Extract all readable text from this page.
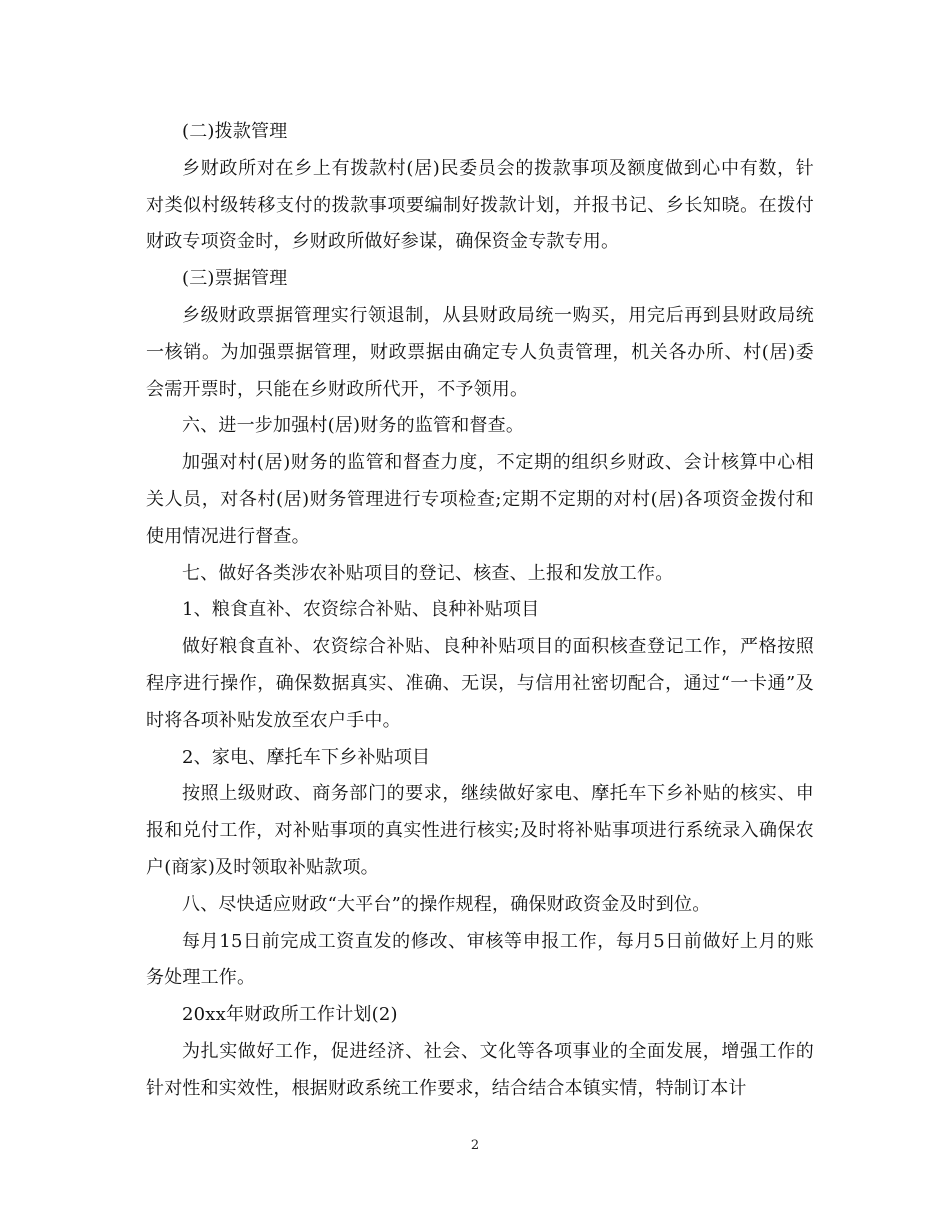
(二)拨款管理

乡财政所对在乡上有拨款村(居)民委员会的拨款事项及额度做到心中有数，针对类似村级转移支付的拨款事项要编制好拨款计划，并报书记、乡长知晓。在拨付财政专项资金时，乡财政所做好参谋，确保资金专款专用。

(三)票据管理

乡级财政票据管理实行领退制，从县财政局统一购买，用完后再到县财政局统一核销。为加强票据管理，财政票据由确定专人负责管理，机关各办所、村(居)委会需开票时，只能在乡财政所代开，不予领用。

六、进一步加强村(居)财务的监管和督查。

加强对村(居)财务的监管和督查力度，不定期的组织乡财政、会计核算中心相关人员，对各村(居)财务管理进行专项检查;定期不定期的对村(居)各项资金拨付和使用情况进行督查。

七、做好各类涉农补贴项目的登记、核查、上报和发放工作。

1、粮食直补、农资综合补贴、良种补贴项目

做好粮食直补、农资综合补贴、良种补贴项目的面积核查登记工作，严格按照程序进行操作，确保数据真实、准确、无误，与信用社密切配合，通过“一卡通”及时将各项补贴发放至农户手中。

2、家电、摩托车下乡补贴项目

按照上级财政、商务部门的要求，继续做好家电、摩托车下乡补贴的核实、申报和兑付工作，对补贴事项的真实性进行核实;及时将补贴事项进行系统录入确保农户(商家)及时领取补贴款项。

八、尽快适应财政“大平台”的操作规程，确保财政资金及时到位。

每月15日前完成工资直发的修改、审核等申报工作，每月5日前做好上月的账务处理工作。

20xx年财政所工作计划(2)

为扎实做好工作，促进经济、社会、文化等各项事业的全面发展，增强工作的针对性和实效性，根据财政系统工作要求，结合结合本镇实情，特制订本计

2
